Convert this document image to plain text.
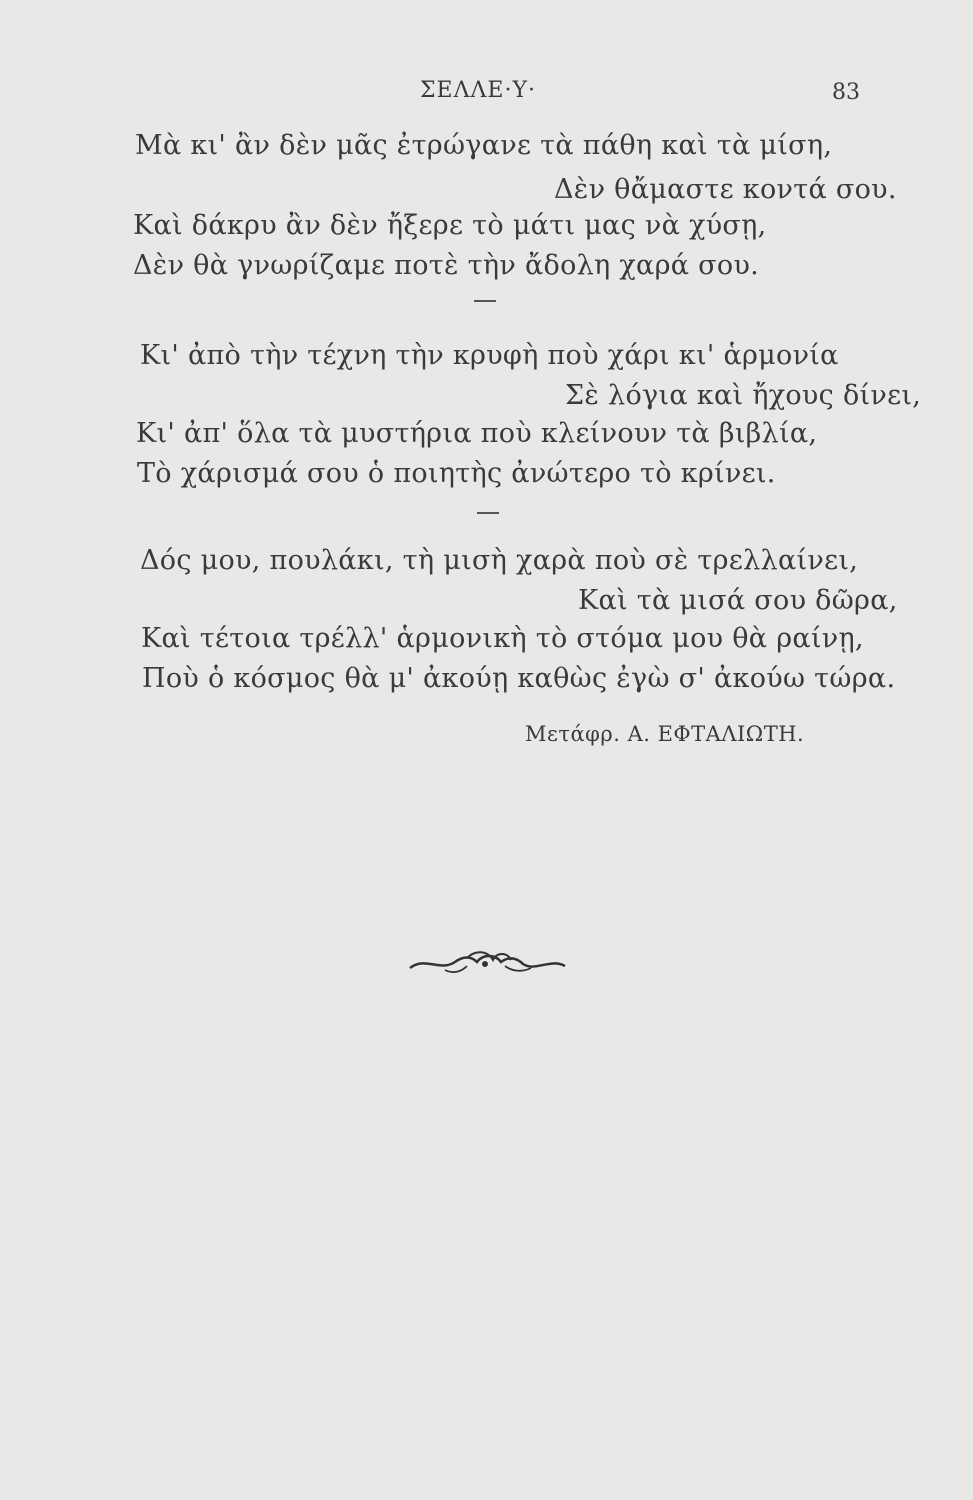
ΣΕΛΛΕ·Υ·	83
Μὰ κι' ἂν δὲν μᾶς ἐτρώγανε τὰ πάθη καὶ τὰ μίση,
Δὲν θἄμαστε κοντά σου.
Καὶ δάκρυ ἂν δὲν ἤξερε τὸ μάτι μας νὰ χύσῃ,
Δὲν θὰ γνωρίζαμε ποτὲ τὴν ἄδολη χαρά σου.
Κι' ἀπὸ τὴν τέχνη τὴν κρυφὴ ποὺ χάρι κι' ἁρμονία
Σὲ λόγια καὶ ἤχους δίνει,
Κι' ἀπ' ὅλα τὰ μυστήρια ποὺ κλείνουν τὰ βιβλία,
Τὸ χάρισμά σου ὁ ποιητὴς ἀνώτερο τὸ κρίνει.
Δός μου, πουλάκι, τὴ μισὴ χαρὰ ποὺ σὲ τρελλαίνει,
Καὶ τὰ μισά σου δῶρα,
Καὶ τέτοια τρέλλ' ἁρμονικὴ τὸ στόμα μου θὰ ραίνῃ,
Ποὺ ὁ κόσμος θὰ μ' ἀκούῃ καθὼς ἐγὼ σ' ἀκούω τώρα.
Μετάφρ. Α. ΕΦΤΑΛΙΩΤΗ.
